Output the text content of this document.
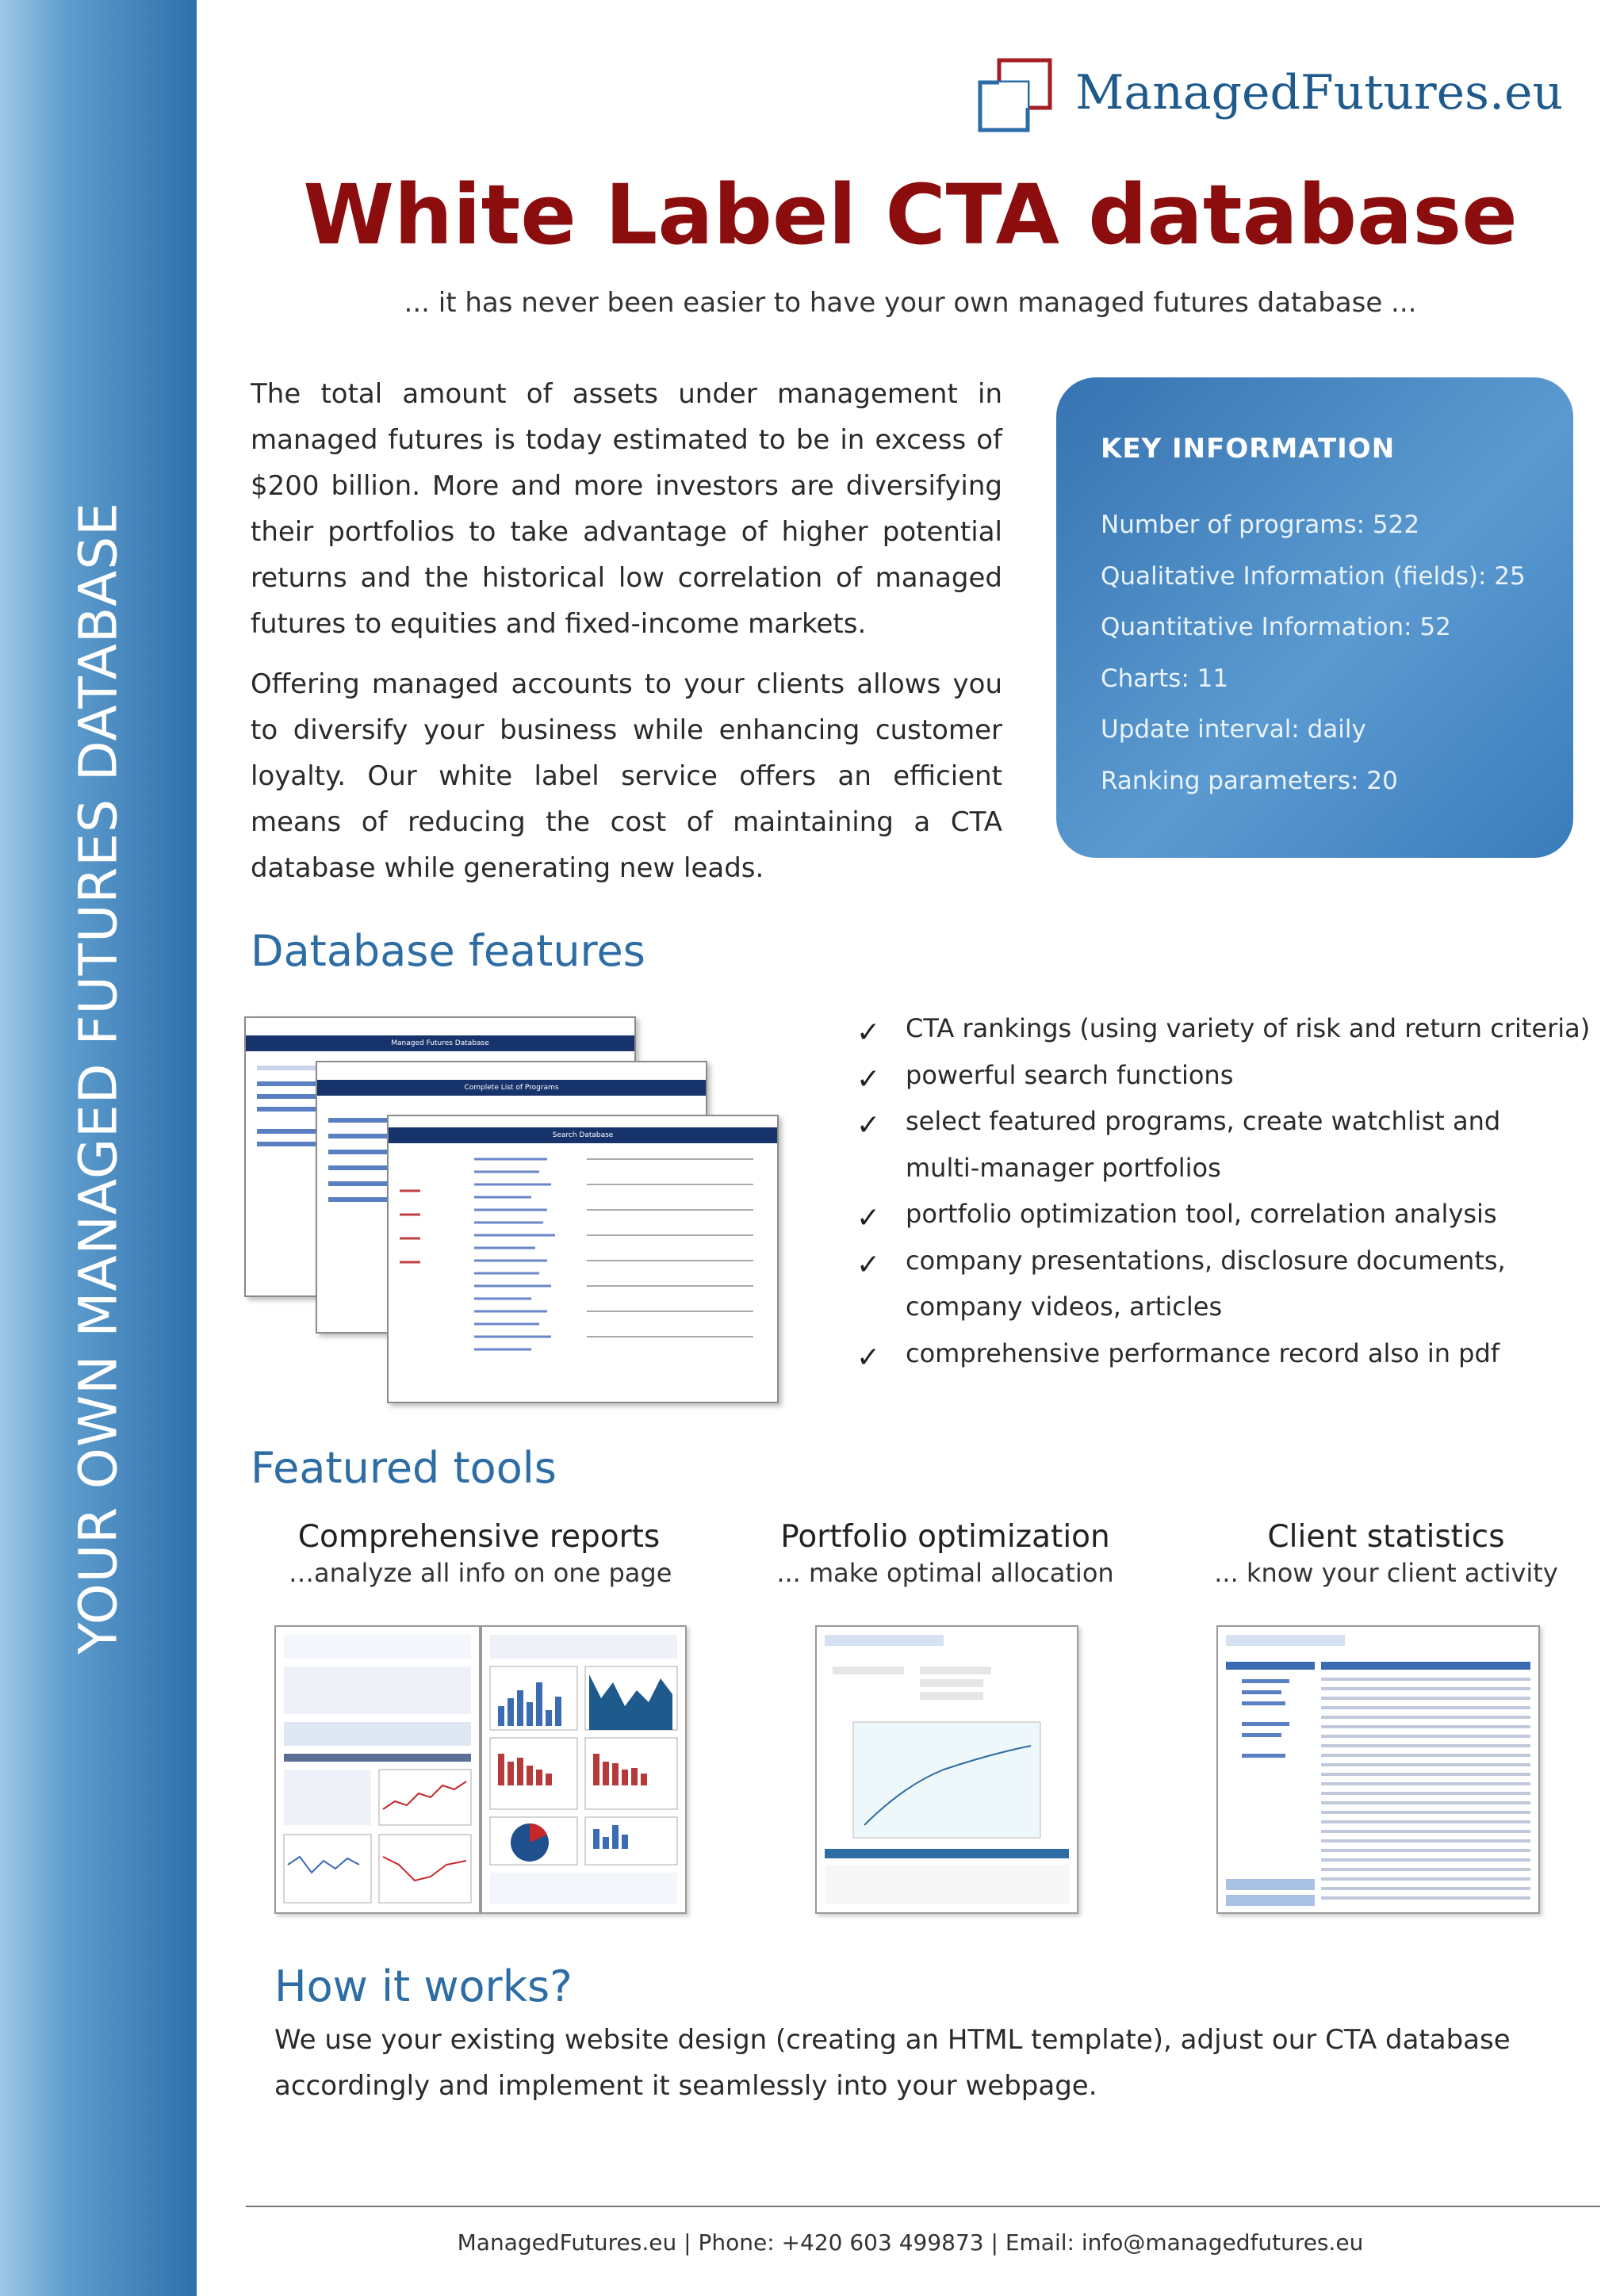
YOUR OWN MANAGED FUTURES DATABASE
ManagedFutures.eu
White Label CTA database
... it has never been easier to have your own managed futures database ...

The total amount of assets under management in managed futures is today estimated to be in excess of $200 billion. More and more investors are diversifying their portfolios to take advantage of higher potential returns and the historical low correlation of managed futures to equities and fixed-income markets.

Offering managed accounts to your clients allows you to diversify your business while enhancing customer loyalty. Our white label service offers an efficient means of reducing the cost of maintaining a CTA database while generating new leads.

KEY INFORMATION
Number of programs: 522
Qualitative Information (fields): 25
Quantitative Information: 52
Charts: 11
Update interval: daily
Ranking parameters: 20
Database features
Managed Futures Database
Complete List of Programs
Search Database
✓ CTA rankings (using variety of risk and return criteria)
✓ powerful search functions
✓ select featured programs, create watchlist and multi-manager portfolios
✓ portfolio optimization tool, correlation analysis
✓ company presentations, disclosure documents, company videos, articles
✓ comprehensive performance record also in pdf
Featured tools
Comprehensive reports
…analyze all info on one page
Portfolio optimization
... make optimal allocation
Client statistics
... know your client activity
How it works?
We use your existing website design (creating an HTML template), adjust our CTA database accordingly and implement it seamlessly into your webpage.
ManagedFutures.eu | Phone: +420 603 499873 | Email: info@managedfutures.eu
